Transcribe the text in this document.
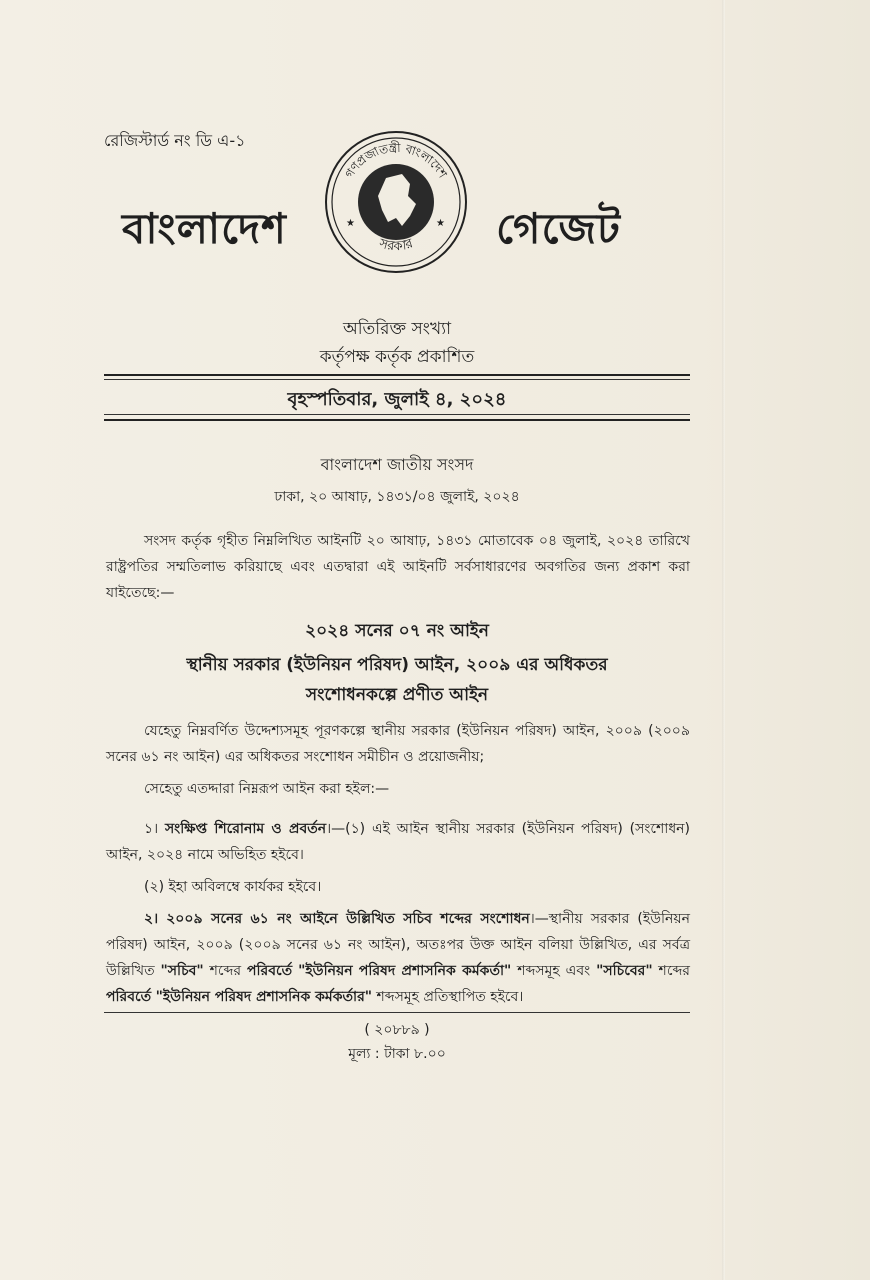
রেজিস্টার্ড নং ডি এ-১
বাংলাদেশ
গণপ্রজাতন্ত্রী বাংলাদেশ
সরকার
★	★ গেজেট
অতিরিক্ত সংখ্যা
কর্তৃপক্ষ কর্তৃক প্রকাশিত
বৃহস্পতিবার, জুলাই ৪, ২০২৪
বাংলাদেশ জাতীয় সংসদ
ঢাকা, ২০ আষাঢ়, ১৪৩১/০৪ জুলাই, ২০২৪
সংসদ কর্তৃক গৃহীত নিম্নলিখিত আইনটি ২০ আষাঢ়, ১৪৩১ মোতাবেক ০৪ জুলাই, ২০২৪ তারিখে রাষ্ট্রপতির সম্মতিলাভ করিয়াছে এবং এতদ্বারা এই আইনটি সর্বসাধারণের অবগতির জন্য প্রকাশ করা যাইতেছে:—
২০২৪ সনের ০৭ নং আইন
স্থানীয় সরকার (ইউনিয়ন পরিষদ) আইন, ২০০৯ এর অধিকতর
সংশোধনকল্পে প্রণীত আইন
যেহেতু নিম্নবর্ণিত উদ্দেশ্যসমূহ পূরণকল্পে স্থানীয় সরকার (ইউনিয়ন পরিষদ) আইন, ২০০৯ (২০০৯ সনের ৬১ নং আইন) এর অধিকতর সংশোধন সমীচীন ও প্রয়োজনীয়;
সেহেতু এতদ্দারা নিম্নরূপ আইন করা হইল:—
১। সংক্ষিপ্ত শিরোনাম ও প্রবর্তন।—(১) এই আইন স্থানীয় সরকার (ইউনিয়ন পরিষদ) (সংশোধন) আইন, ২০২৪ নামে অভিহিত হইবে।
(২) ইহা অবিলম্বে কার্যকর হইবে।
২। ২০০৯ সনের ৬১ নং আইনে উল্লিখিত সচিব শব্দের সংশোধন।—স্থানীয় সরকার (ইউনিয়ন পরিষদ) আইন, ২০০৯ (২০০৯ সনের ৬১ নং আইন), অতঃপর উক্ত আইন বলিয়া উল্লিখিত, এর সর্বত্র উল্লিখিত "সচিব" শব্দের পরিবর্তে "ইউনিয়ন পরিষদ প্রশাসনিক কর্মকর্তা" শব্দসমূহ এবং "সচিবের" শব্দের পরিবর্তে "ইউনিয়ন পরিষদ প্রশাসনিক কর্মকর্তার" শব্দসমূহ প্রতিস্থাপিত হইবে।
( ২০৮৮৯ )
মূল্য : টাকা ৮.০০
